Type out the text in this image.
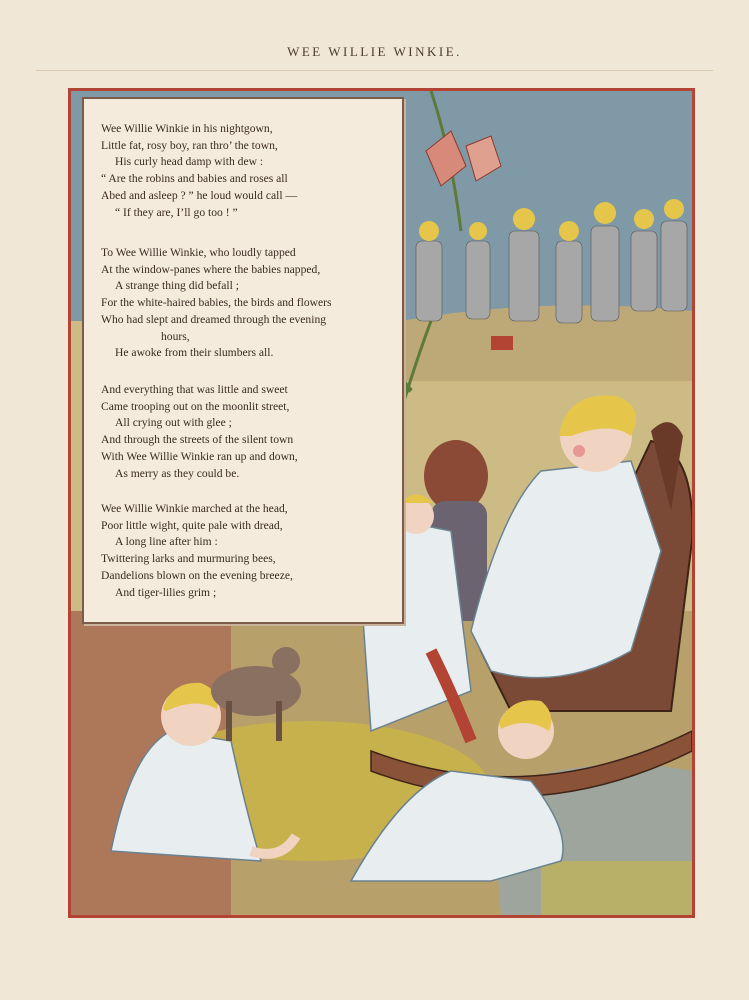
WEE WILLIE WINKIE.
Wee Willie Winkie in his nightgown,
Little fat, rosy boy, ran thro’ the town,
His curly head damp with dew :
“ Are the robins and babies and roses all
Abed and asleep ? ” he loud would call —
“ If they are, I’ll go too ! ”
To Wee Willie Winkie, who loudly tapped
At the window-panes where the babies napped,
A strange thing did befall ;
For the white-haired babies, the birds and flowers
Who had slept and dreamed through the evening
hours,
He awoke from their slumbers all.
And everything that was little and sweet
Came trooping out on the moonlit street,
All crying out with glee ;
And through the streets of the silent town
With Wee Willie Winkie ran up and down,
As merry as they could be.
Wee Willie Winkie marched at the head,
Poor little wight, quite pale with dread,
A long line after him :
Twittering larks and murmuring bees,
Dandelions blown on the evening breeze,
And tiger-lilies grim ;
